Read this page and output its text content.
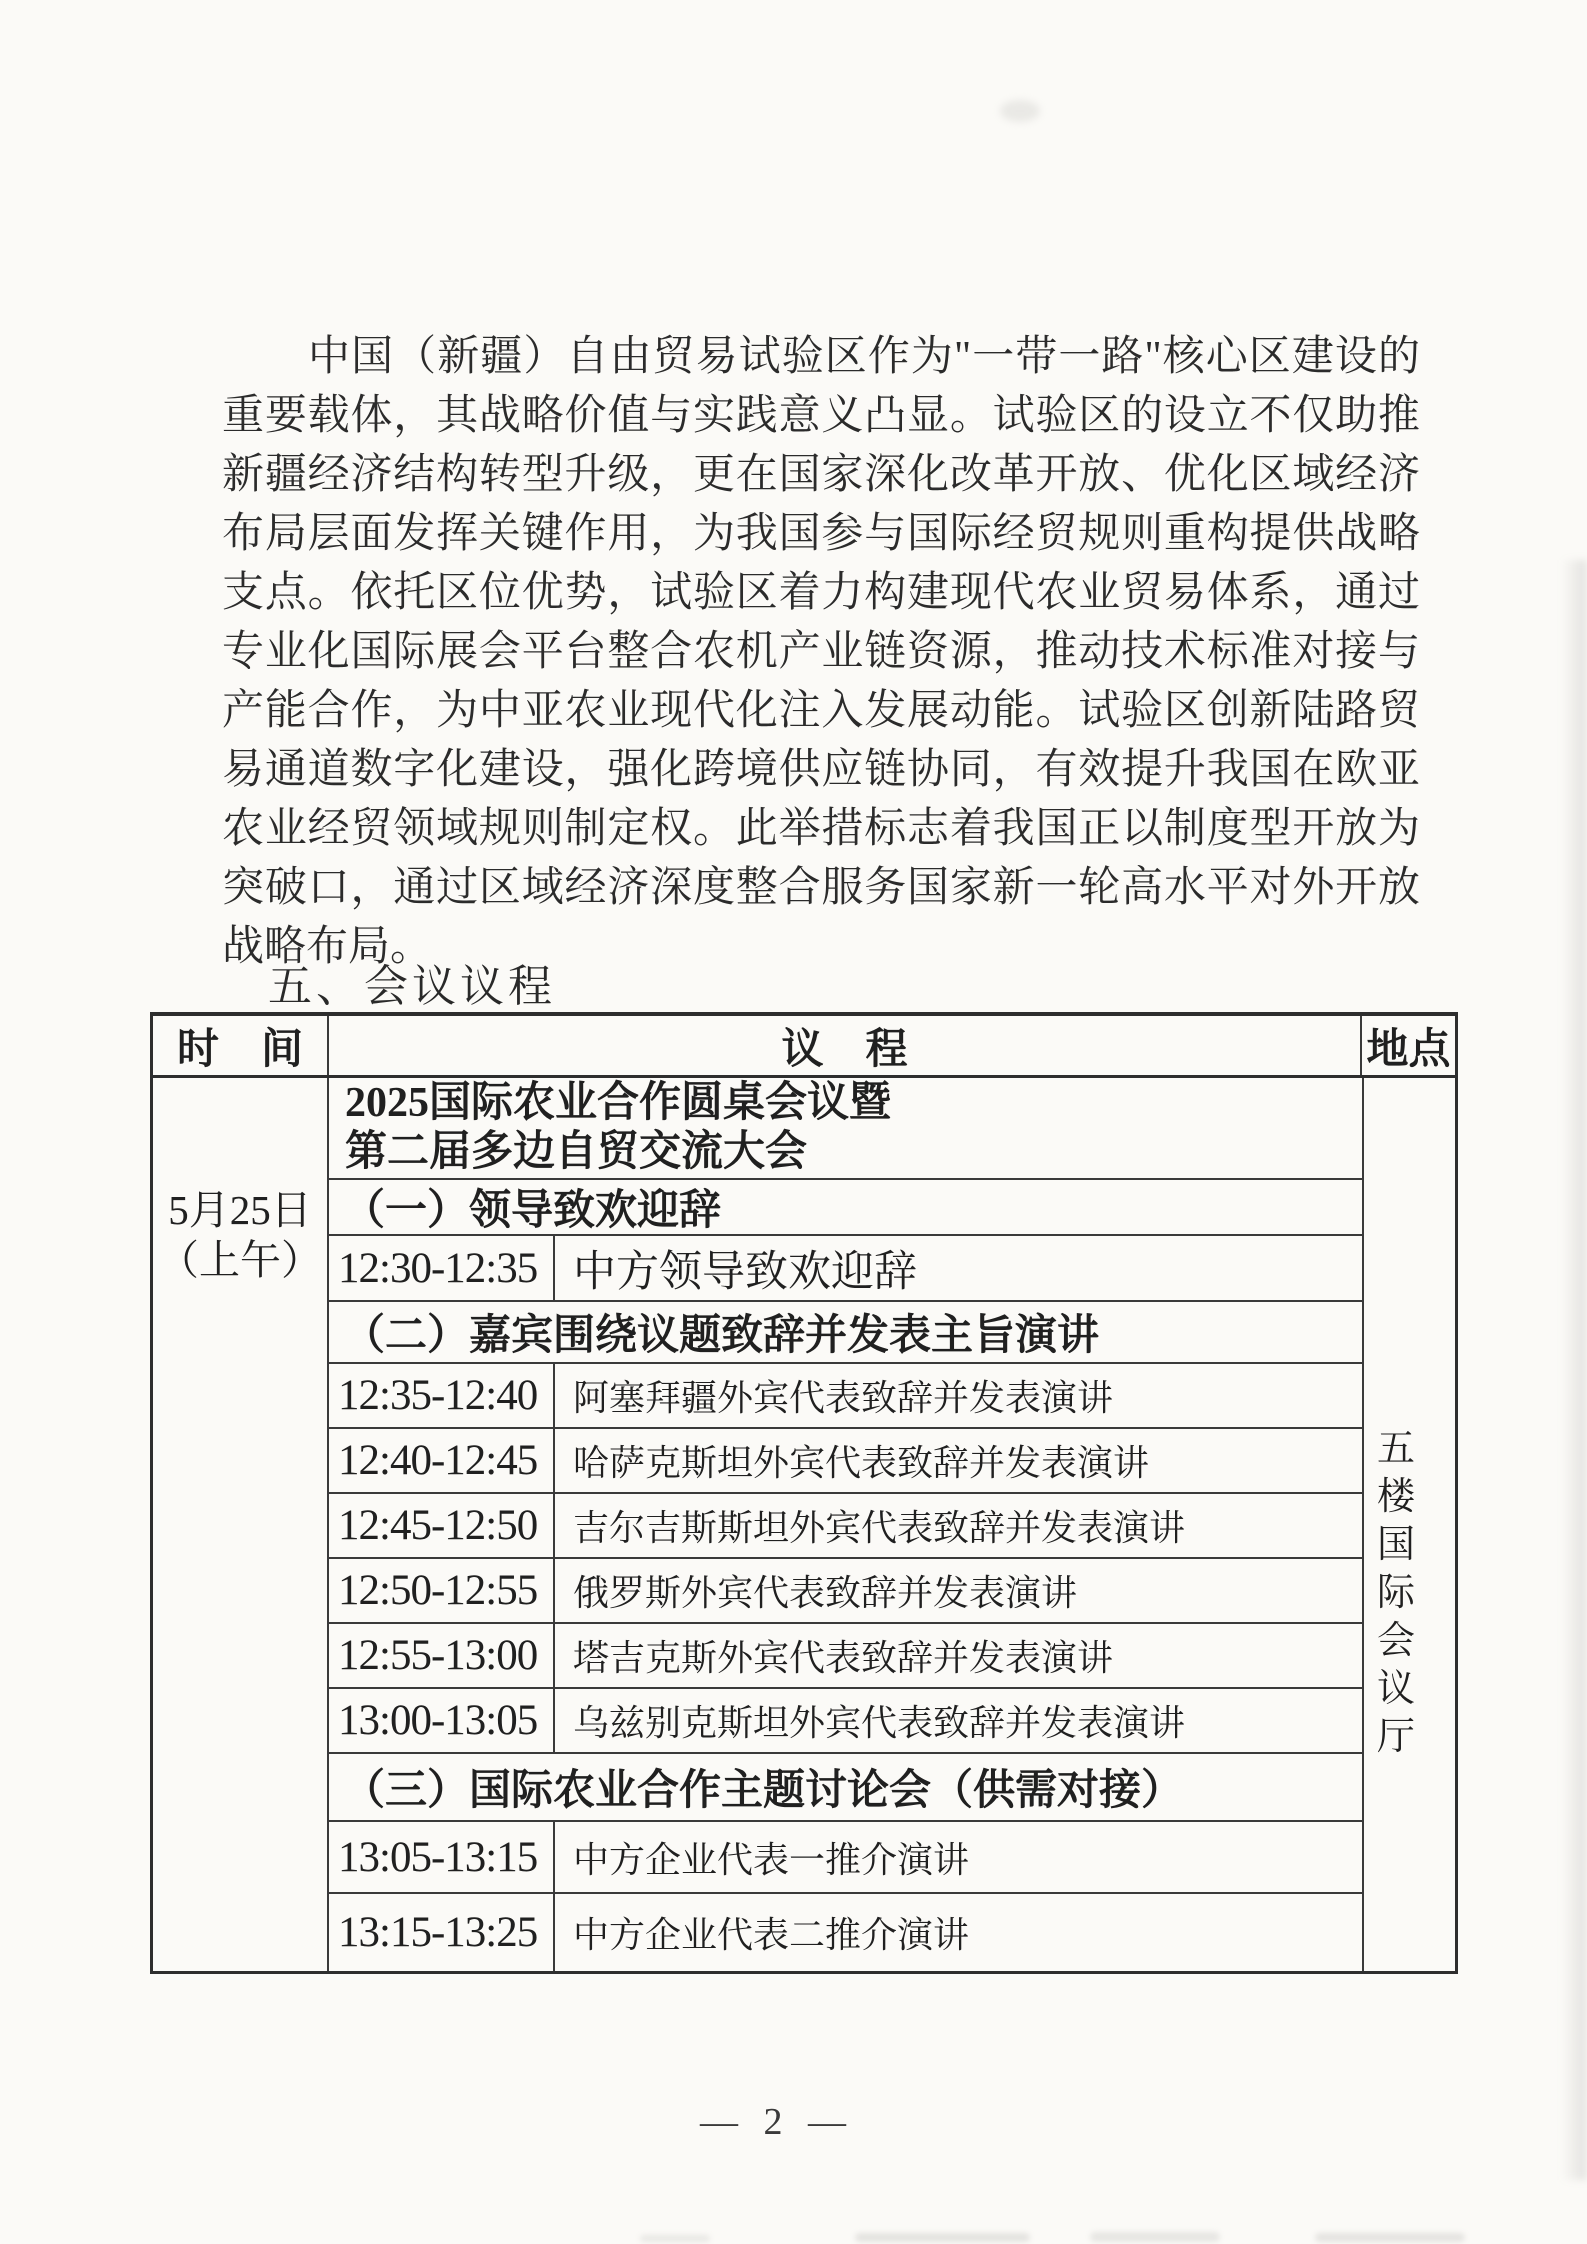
中国（新疆）自由贸易试验区作为"一带一路"核心区建设的
重要载体，其战略价值与实践意义凸显。试验区的设立不仅助推
新疆经济结构转型升级，更在国家深化改革开放、优化区域经济
布局层面发挥关键作用，为我国参与国际经贸规则重构提供战略
支点。依托区位优势，试验区着力构建现代农业贸易体系，通过
专业化国际展会平台整合农机产业链资源，推动技术标准对接与
产能合作，为中亚农业现代化注入发展动能。试验区创新陆路贸
易通道数字化建设，强化跨境供应链协同，有效提升我国在欧亚
农业经贸领域规则制定权。此举措标志着我国正以制度型开放为
突破口，通过区域经济深度整合服务国家新一轮高水平对外开放
战略布局。
五、会议议程
时　间	议　程	地点
5月25日
（上午）
2025国际农业合作圆桌会议暨
第二届多边自贸交流大会
（一）领导致欢迎辞
12:30-12:35 中方领导致欢迎辞
（二）嘉宾围绕议题致辞并发表主旨演讲
12:35-12:40 阿塞拜疆外宾代表致辞并发表演讲
12:40-12:45 哈萨克斯坦外宾代表致辞并发表演讲
12:45-12:50 吉尔吉斯斯坦外宾代表致辞并发表演讲
12:50-12:55 俄罗斯外宾代表致辞并发表演讲
12:55-13:00 塔吉克斯外宾代表致辞并发表演讲
13:00-13:05 乌兹别克斯坦外宾代表致辞并发表演讲
（三）国际农业合作主题讨论会（供需对接）
13:05-13:15 中方企业代表一推介演讲
13:15-13:25 中方企业代表二推介演讲
五楼
国际
会议
厅
— 2 —
